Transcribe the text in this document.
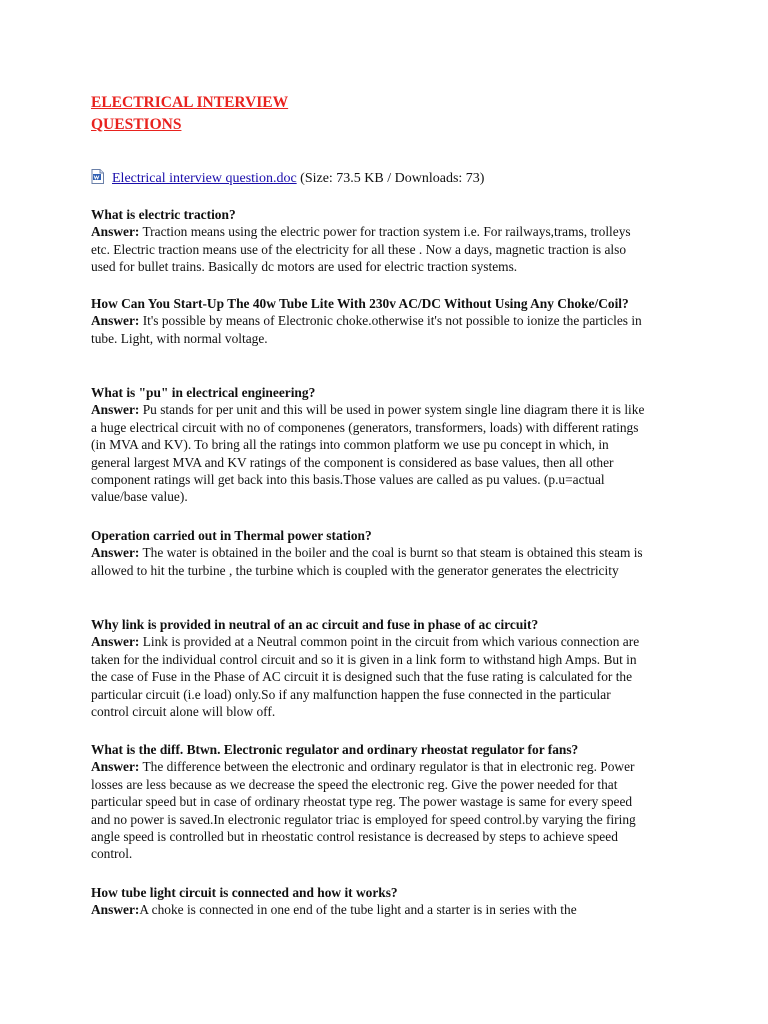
ELECTRICAL INTERVIEW
QUESTIONS
Electrical interview question.doc (Size: 73.5 KB / Downloads: 73)

What is electric traction?

Answer: Traction means using the electric power for traction system i.e. For railways,trams, trolleys etc. Electric traction means use of the electricity for all these . Now a days, magnetic traction is also used for bullet trains. Basically dc motors are used for electric traction systems.

How Can You Start-Up The 40w Tube Lite With 230v AC/DC Without Using Any Choke/Coil?

Answer: It's possible by means of Electronic choke.otherwise it's not possible to ionize the particles in tube. Light, with normal voltage.

What is "pu" in electrical engineering?

Answer: Pu stands for per unit and this will be used in power system single line diagram there it is like a huge electrical circuit with no of componenes (generators, transformers, loads) with different ratings (in MVA and KV). To bring all the ratings into common platform we use pu concept in which, in general largest MVA and KV ratings of the component is considered as base values, then all other component ratings will get back into this basis.Those values are called as pu values. (p.u=actual value/base value).

Operation carried out in Thermal power station?

Answer: The water is obtained in the boiler and the coal is burnt so that steam is obtained this steam is allowed to hit the turbine , the turbine which is coupled with the generator generates the electricity

Why link is provided in neutral of an ac circuit and fuse in phase of ac circuit?

Answer: Link is provided at a Neutral common point in the circuit from which various connection are taken for the individual control circuit and so it is given in a link form to withstand high Amps. But in the case of Fuse in the Phase of AC circuit it is designed such that the fuse rating is calculated for the particular circuit (i.e load) only.So if any malfunction happen the fuse connected in the particular control circuit alone will blow off.

What is the diff. Btwn. Electronic regulator and ordinary rheostat regulator for fans?

Answer: The difference between the electronic and ordinary regulator is that in electronic reg. Power losses are less because as we decrease the speed the electronic reg. Give the power needed for that particular speed but in case of ordinary rheostat type reg. The power wastage is same for every speed and no power is saved.In electronic regulator triac is employed for speed control.by varying the firing angle speed is controlled but in rheostatic control resistance is decreased by steps to achieve speed control.

How tube light circuit is connected and how it works?

Answer:A choke is connected in one end of the tube light and a starter is in series with the
